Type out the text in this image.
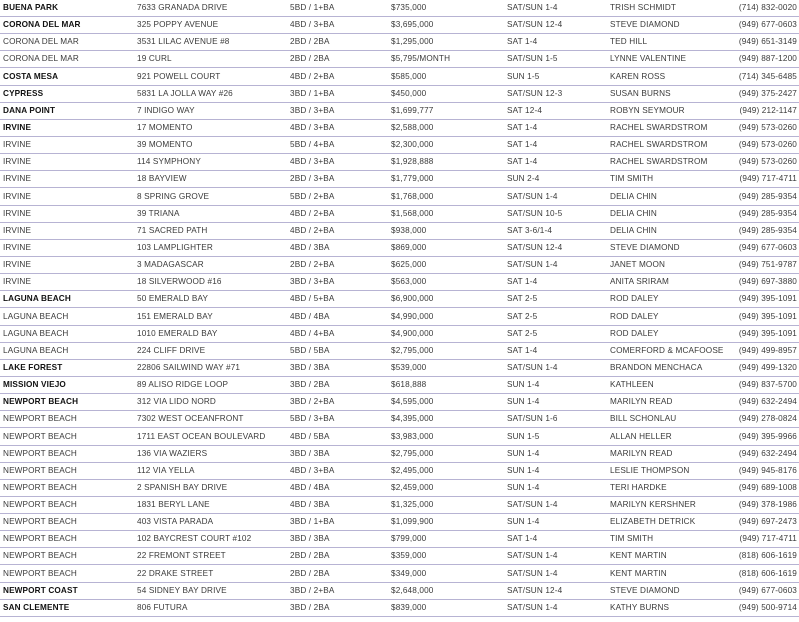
BUENA PARK	7633 GRANADA DRIVE	5BD / 1+BA	$735,000	SAT/SUN 1-4	TRISH SCHMIDT	(714) 832-0020
CORONA DEL MAR	325 POPPY AVENUE	4BD / 3+BA	$3,695,000	SAT/SUN 12-4	STEVE DIAMOND	(949) 677-0603
CORONA DEL MAR	3531 LILAC AVENUE #8	2BD / 2BA	$1,295,000	SAT 1-4	TED HILL	(949) 651-3149
CORONA DEL MAR	19 CURL	2BD / 2BA	$5,795/MONTH	SAT/SUN 1-5	LYNNE VALENTINE	(949) 887-1200
COSTA MESA	921 POWELL COURT	4BD / 2+BA	$585,000	SUN 1-5	KAREN ROSS	(714) 345-6485
CYPRESS	5831 LA JOLLA WAY #26	3BD / 1+BA	$450,000	SAT/SUN 12-3	SUSAN BURNS	(949) 375-2427
DANA POINT	7 INDIGO WAY	3BD / 3+BA	$1,699,777	SAT 12-4	ROBYN SEYMOUR	(949) 212-1147
IRVINE	17 MOMENTO	4BD / 3+BA	$2,588,000	SAT 1-4	RACHEL SWARDSTROM	(949) 573-0260
IRVINE	39 MOMENTO	5BD / 4+BA	$2,300,000	SAT 1-4	RACHEL SWARDSTROM	(949) 573-0260
IRVINE	114 SYMPHONY	4BD / 3+BA	$1,928,888	SAT 1-4	RACHEL SWARDSTROM	(949) 573-0260
IRVINE	18 BAYVIEW	2BD / 3+BA	$1,779,000	SUN 2-4	TIM SMITH	(949) 717-4711
IRVINE	8 SPRING GROVE	5BD / 2+BA	$1,768,000	SAT/SUN 1-4	DELIA CHIN	(949) 285-9354
IRVINE	39 TRIANA	4BD / 2+BA	$1,568,000	SAT/SUN 10-5	DELIA CHIN	(949) 285-9354
IRVINE	71 SACRED PATH	4BD / 2+BA	$938,000	SAT 3-6/1-4	DELIA CHIN	(949) 285-9354
IRVINE	103 LAMPLIGHTER	4BD / 3BA	$869,000	SAT/SUN 12-4	STEVE DIAMOND	(949) 677-0603
IRVINE	3 MADAGASCAR	2BD / 2+BA	$625,000	SAT/SUN 1-4	JANET MOON	(949) 751-9787
IRVINE	18 SILVERWOOD #16	3BD / 3+BA	$563,000	SAT 1-4	ANITA SRIRAM	(949) 697-3880
LAGUNA BEACH	50 EMERALD BAY	4BD / 5+BA	$6,900,000	SAT 2-5	ROD DALEY	(949) 395-1091
LAGUNA BEACH	151 EMERALD BAY	4BD / 4BA	$4,990,000	SAT 2-5	ROD DALEY	(949) 395-1091
LAGUNA BEACH	1010 EMERALD BAY	4BD / 4+BA	$4,900,000	SAT 2-5	ROD DALEY	(949) 395-1091
LAGUNA BEACH	224 CLIFF DRIVE	5BD / 5BA	$2,795,000	SAT 1-4	COMERFORD & MCAFOOSE (949) 499-8957
LAKE FOREST	22806 SAILWIND WAY #71	3BD / 3BA	$539,000	SAT/SUN 1-4	BRANDON MENCHACA	(949) 499-1320
MISSION VIEJO	89 ALISO RIDGE LOOP	3BD / 2BA	$618,888	SUN 1-4	KATHLEEN	(949) 837-5700
NEWPORT BEACH	312 VIA LIDO NORD	3BD / 2+BA	$4,595,000	SUN 1-4	MARILYN READ	(949) 632-2494
NEWPORT BEACH	7302 WEST OCEANFRONT	5BD / 3+BA	$4,395,000	SAT/SUN 1-6	BILL SCHONLAU	(949) 278-0824
NEWPORT BEACH	1711 EAST OCEAN BOULEVARD	4BD / 5BA	$3,983,000	SUN 1-5	ALLAN HELLER	(949) 395-9966
NEWPORT BEACH	136 VIA WAZIERS	3BD / 3BA	$2,795,000	SUN 1-4	MARILYN READ	(949) 632-2494
NEWPORT BEACH	112 VIA YELLA	4BD / 3+BA	$2,495,000	SUN 1-4	LESLIE THOMPSON	(949) 945-8176
NEWPORT BEACH	2 SPANISH BAY DRIVE	4BD / 4BA	$2,459,000	SUN 1-4	TERI HARDKE	(949) 689-1008
NEWPORT BEACH	1831 BERYL LANE	4BD / 3BA	$1,325,000	SAT/SUN 1-4	MARILYN KERSHNER	(949) 378-1986
NEWPORT BEACH	403 VISTA PARADA	3BD / 1+BA	$1,099,900	SUN 1-4	ELIZABETH DETRICK	(949) 697-2473
NEWPORT BEACH	102 BAYCREST COURT #102	3BD / 3BA	$799,000	SAT 1-4	TIM SMITH	(949) 717-4711
NEWPORT BEACH	22 FREMONT STREET	2BD / 2BA	$359,000	SAT/SUN 1-4	KENT MARTIN	(818) 606-1619
NEWPORT BEACH	22 DRAKE STREET	2BD / 2BA	$349,000	SAT/SUN 1-4	KENT MARTIN	(818) 606-1619
NEWPORT COAST	54 SIDNEY BAY DRIVE	3BD / 2+BA	$2,648,000	SAT/SUN 12-4	STEVE DIAMOND	(949) 677-0603
SAN CLEMENTE	806 FUTURA	3BD / 2BA	$839,000	SAT/SUN 1-4	KATHY BURNS	(949) 500-9714
